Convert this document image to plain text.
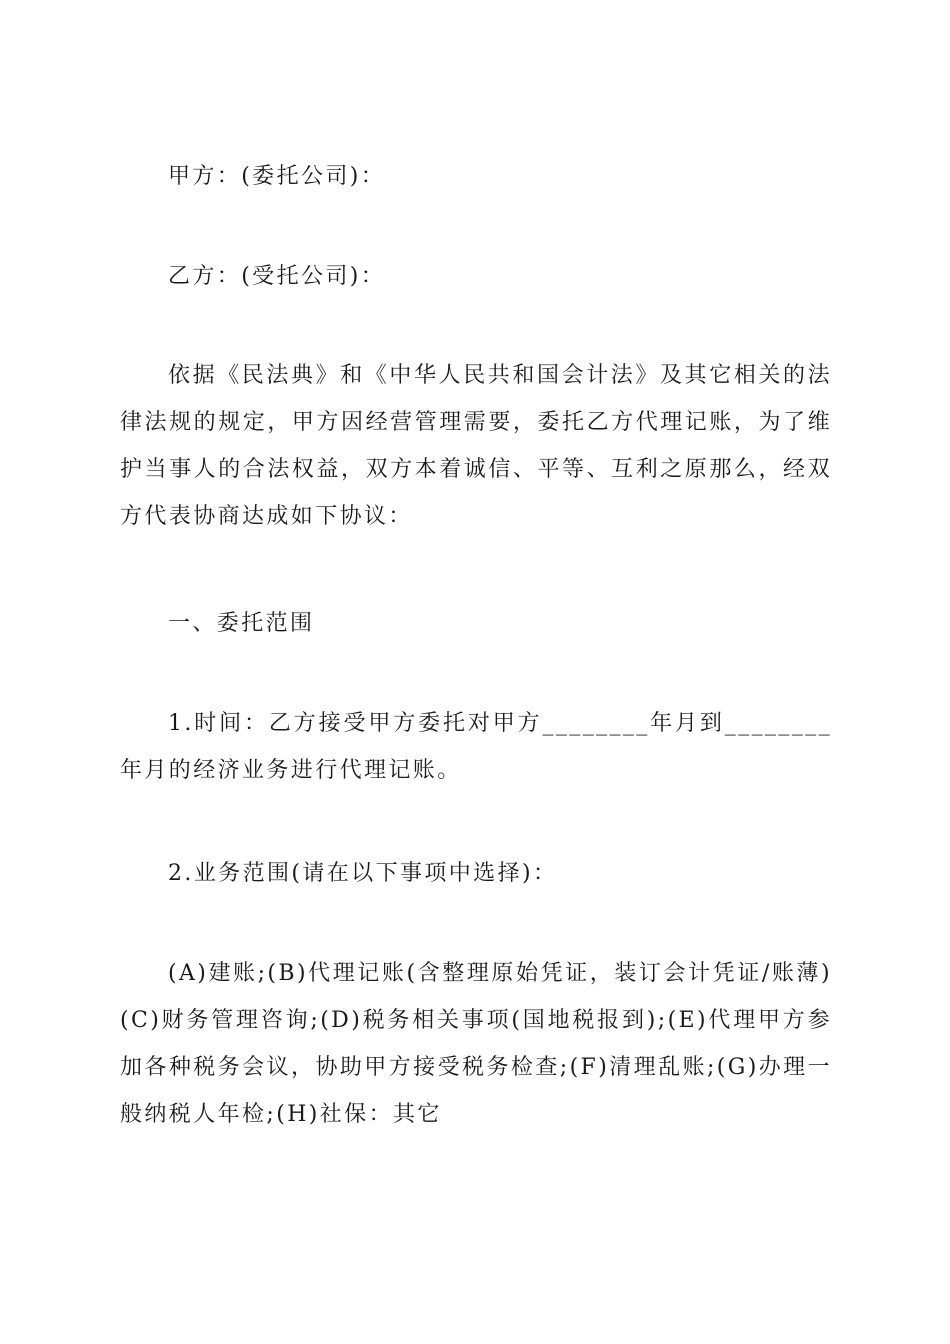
甲方：(委托公司)：

乙方：(受托公司)：

依据《民法典》和《中华人民共和国会计法》及其它相关的法律法规的规定，甲方因经营管理需要，委托乙方代理记账，为了维护当事人的合法权益，双方本着诚信、平等、互利之原那么，经双方代表协商达成如下协议：

一、委托范围

1.时间：乙方接受甲方委托对甲方________年月到________年月的经济业务进行代理记账。

2.业务范围(请在以下事项中选择)：

(A)建账;(B)代理记账(含整理原始凭证，装订会计凭证/账薄)(C)财务管理咨询;(D)税务相关事项(国地税报到);(E)代理甲方参加各种税务会议，协助甲方接受税务检查;(F)清理乱账;(G)办理一般纳税人年检;(H)社保：其它
